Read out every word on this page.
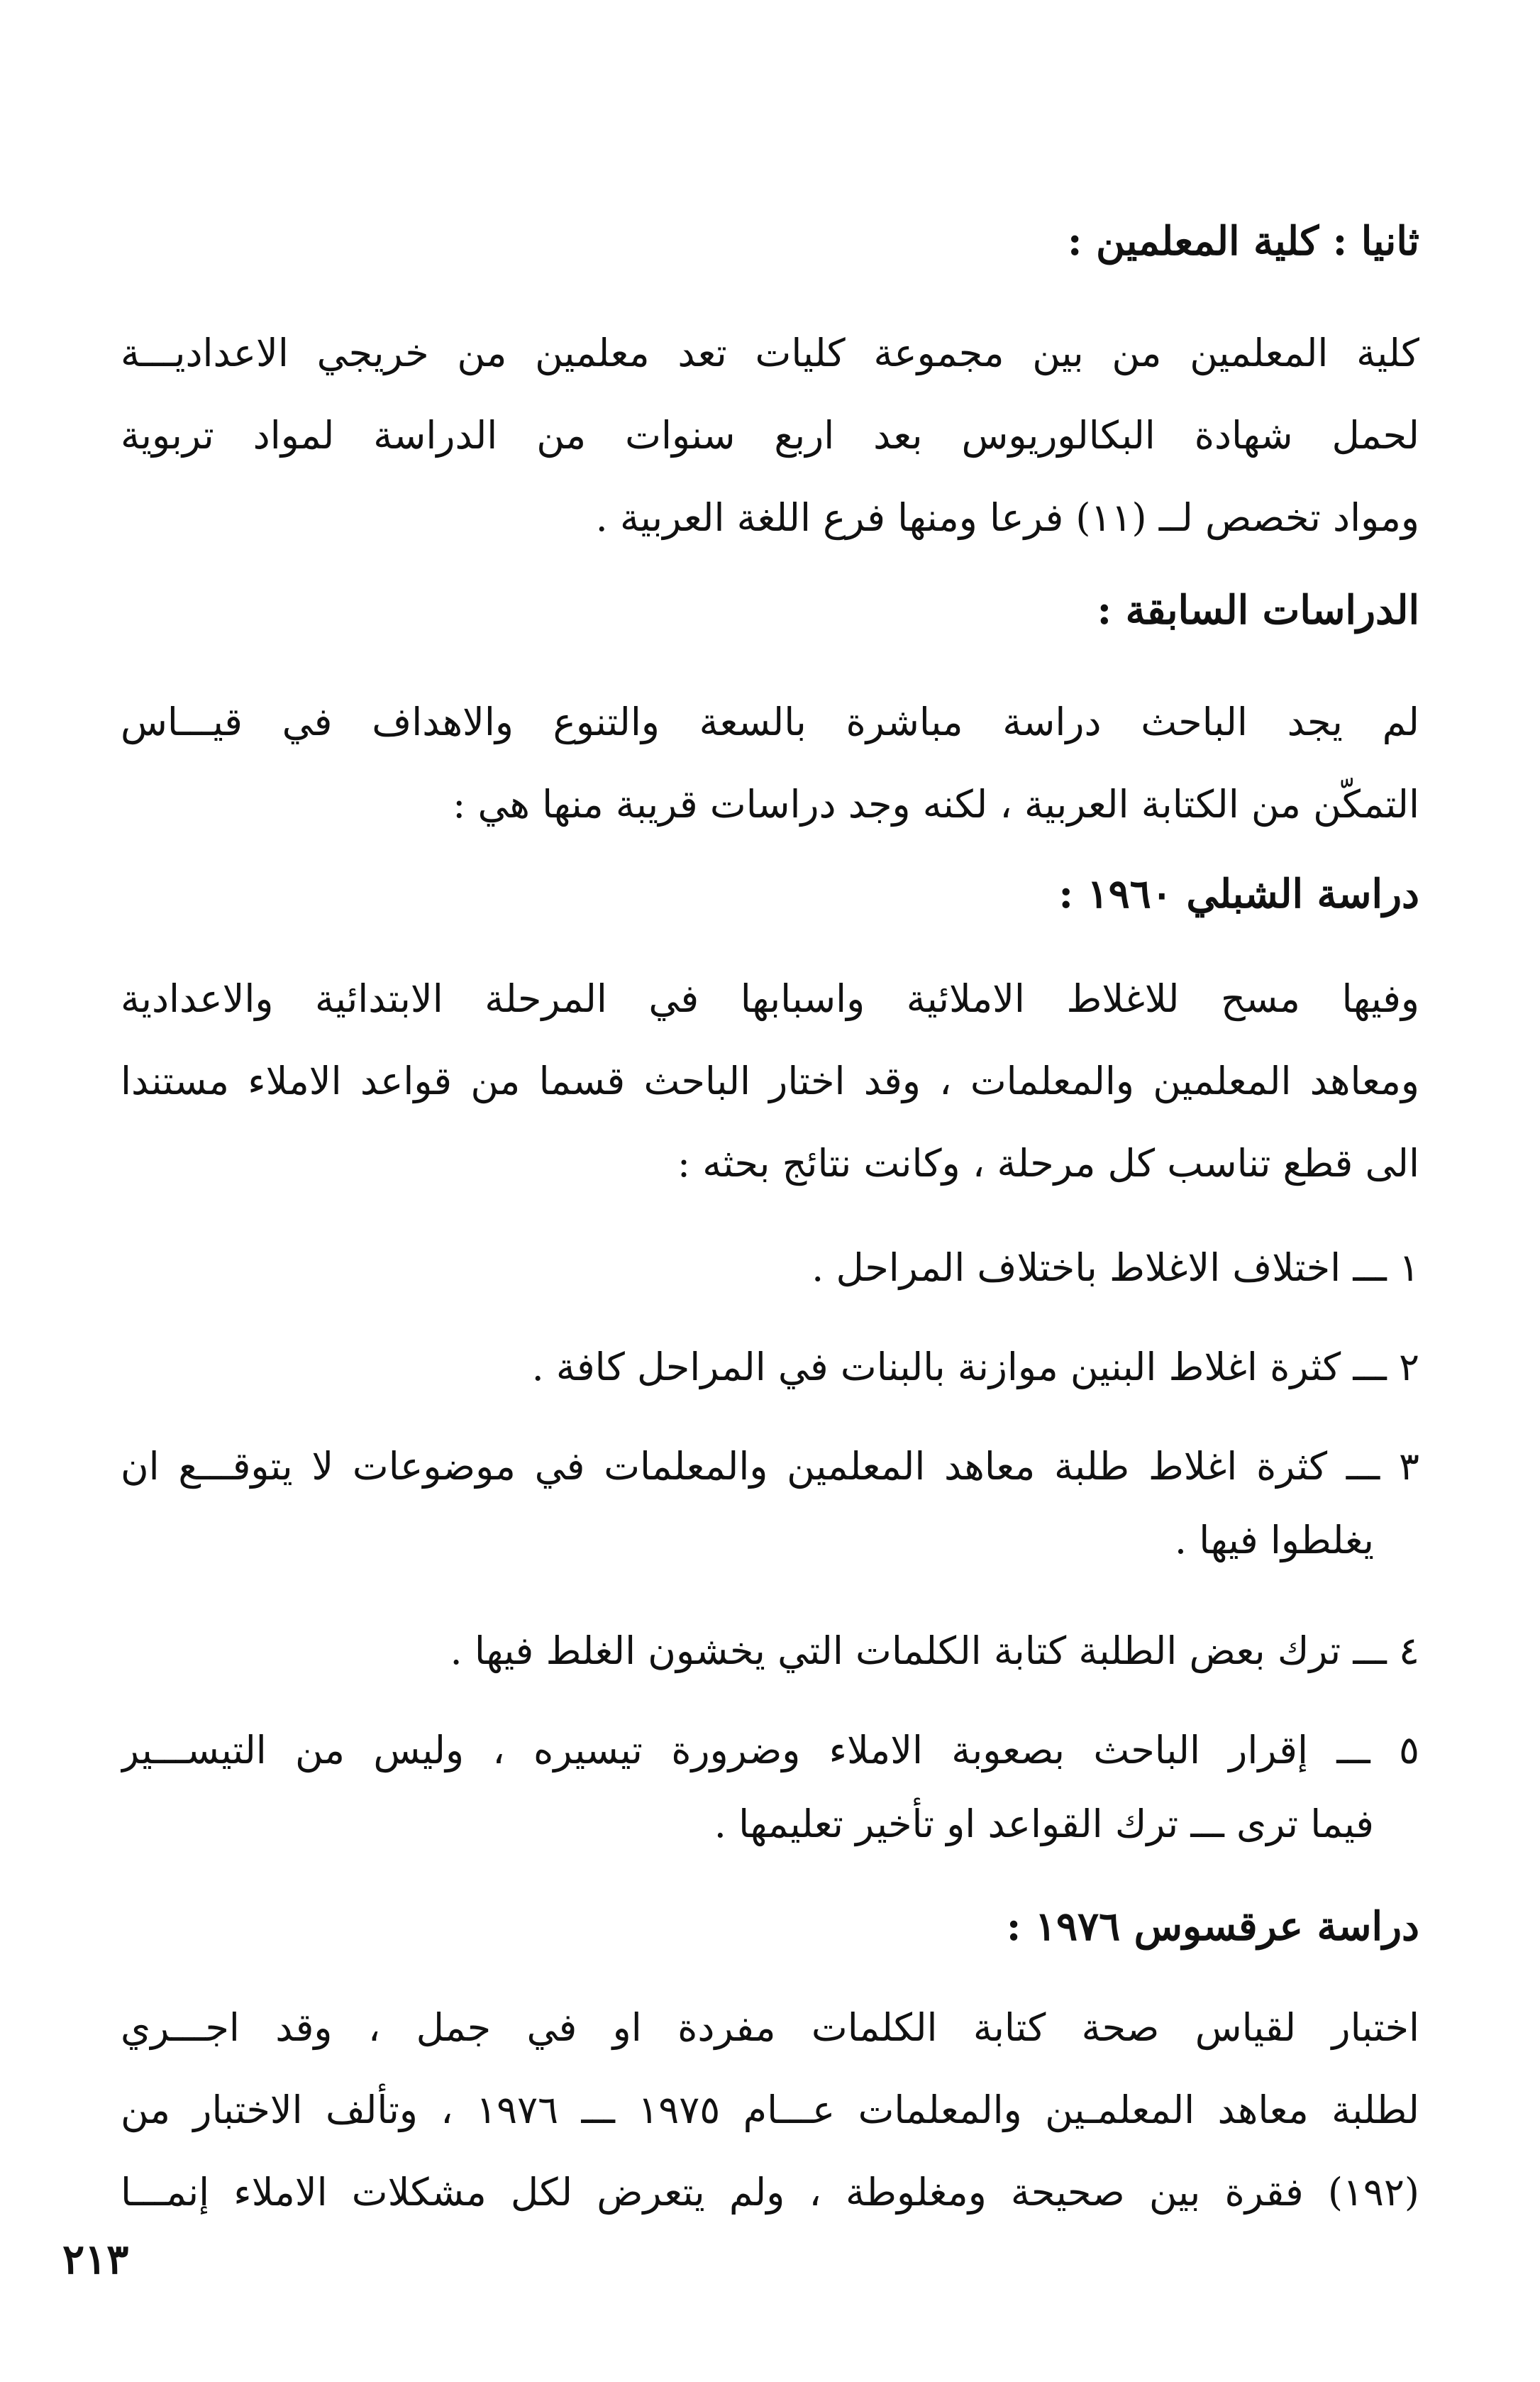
ثانيا : كلية المعلمين :
كلية المعلمين من بين مجموعة كليات تعد معلمين من خريجي الاعداديـــة
لحمل شهادة البكالوريوس بعد اربع سنوات من الدراسة لمواد تربوية
ومواد تخصص لــ (١١) فرعا ومنها فرع اللغة العربية .
الدراسات السابقة :
لم يجد الباحث دراسة مباشرة بالسعة والتنوع والاهداف في قيـــاس
التمكّن من الكتابة العربية ، لكنه وجد دراسات قريبة منها هي :
دراسة الشبلي ١٩٦٠ :
وفيها مسح للاغلاط الاملائية واسبابها في المرحلة الابتدائية والاعدادية
ومعاهد المعلمين والمعلمات ، وقد اختار الباحث قسما من قواعد الاملاء مستندا
الى قطع تناسب كل مرحلة ، وكانت نتائج بحثه :
١ ـــ اختلاف الاغلاط باختلاف المراحل .
٢ ـــ كثرة اغلاط البنين موازنة بالبنات في المراحل كافة .
٣ ـــ كثرة اغلاط طلبة معاهد المعلمين والمعلمات في موضوعات لا يتوقـــع ان
يغلطوا فيها .
٤ ـــ ترك بعض الطلبة كتابة الكلمات التي يخشون الغلط فيها .
٥ ـــ إقرار الباحث بصعوبة الاملاء وضرورة تيسيره ، وليس من التيســـير
فيما ترى ـــ ترك القواعد او تأخير تعليمها .
دراسة عرقسوس ١٩٧٦ :
اختبار لقياس صحة كتابة الكلمات مفردة او في جمل ، وقد اجـــري
لطلبة معاهد المعلمـين والمعلمات عـــام ١٩٧٥ ـــ ١٩٧٦ ، وتألف الاختبار من
(١٩٢) فقرة بين صحيحة ومغلوطة ، ولم يتعرض لكل مشكلات الاملاء إنمـــا
٢١٣
